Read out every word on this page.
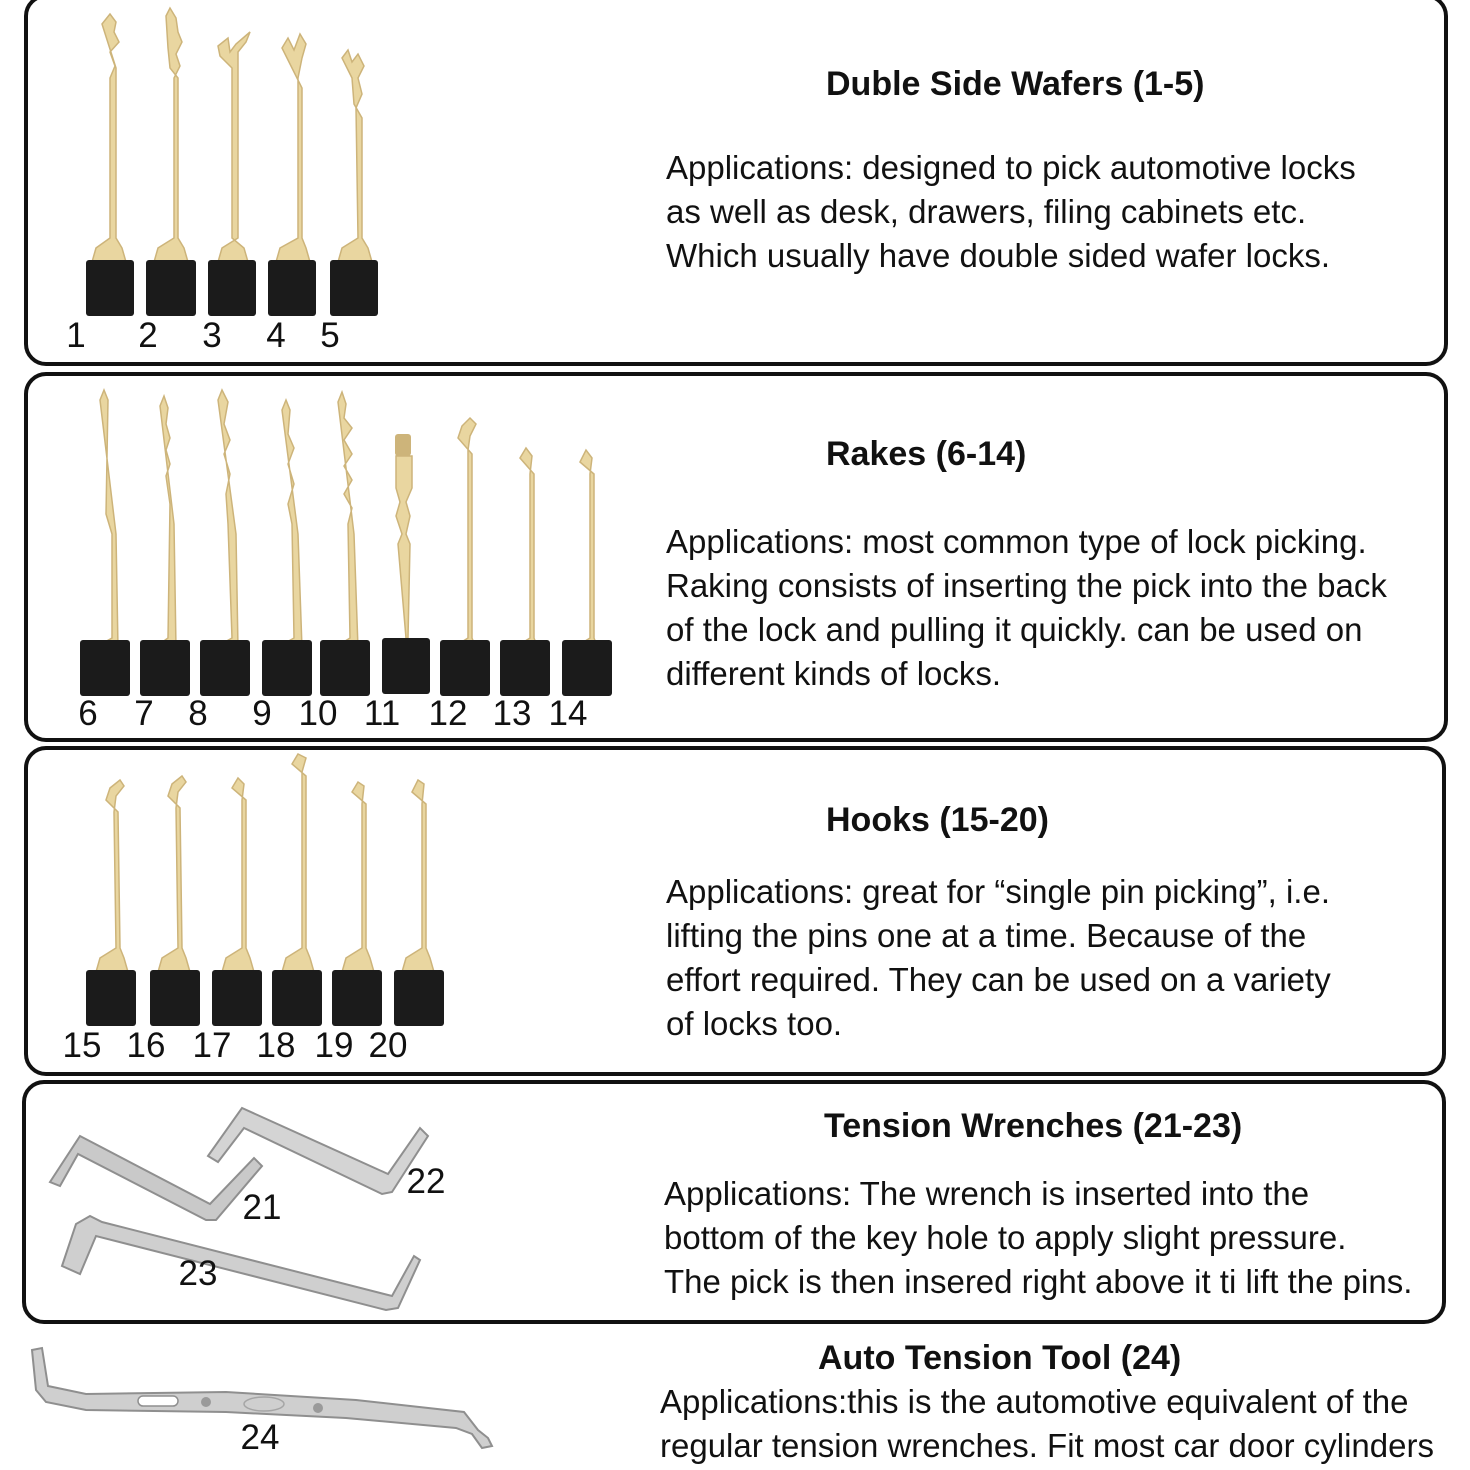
1	2	3	4 5
Duble Side Wafers (1-5)
Applications: designed to pick automotive locks
as well as desk, drawers, filing cabinets etc.
Which usually have double sided wafer locks.
6	7 8	9 10 11 12 13 14
Rakes (6-14)
Applications: most common type of lock picking.
Raking consists of inserting the pick into the back
of the lock and pulling it quickly. can be used on
different kinds of locks.
15 16 17 18 19 20
Hooks (15-20)
Applications: great for “single pin picking”, i.e.
lifting the pins one at a time. Because of the
effort required. They can be used on a variety
of locks too.
21
22
23
Tension Wrenches (21-23)
Applications: The wrench is inserted into the
bottom of the key hole to apply slight pressure.
The pick is then insered right above it ti lift the pins.
24
Auto Tension Tool (24)
Applications:this is the automotive equivalent of the
regular tension wrenches. Fit most car door cylinders
